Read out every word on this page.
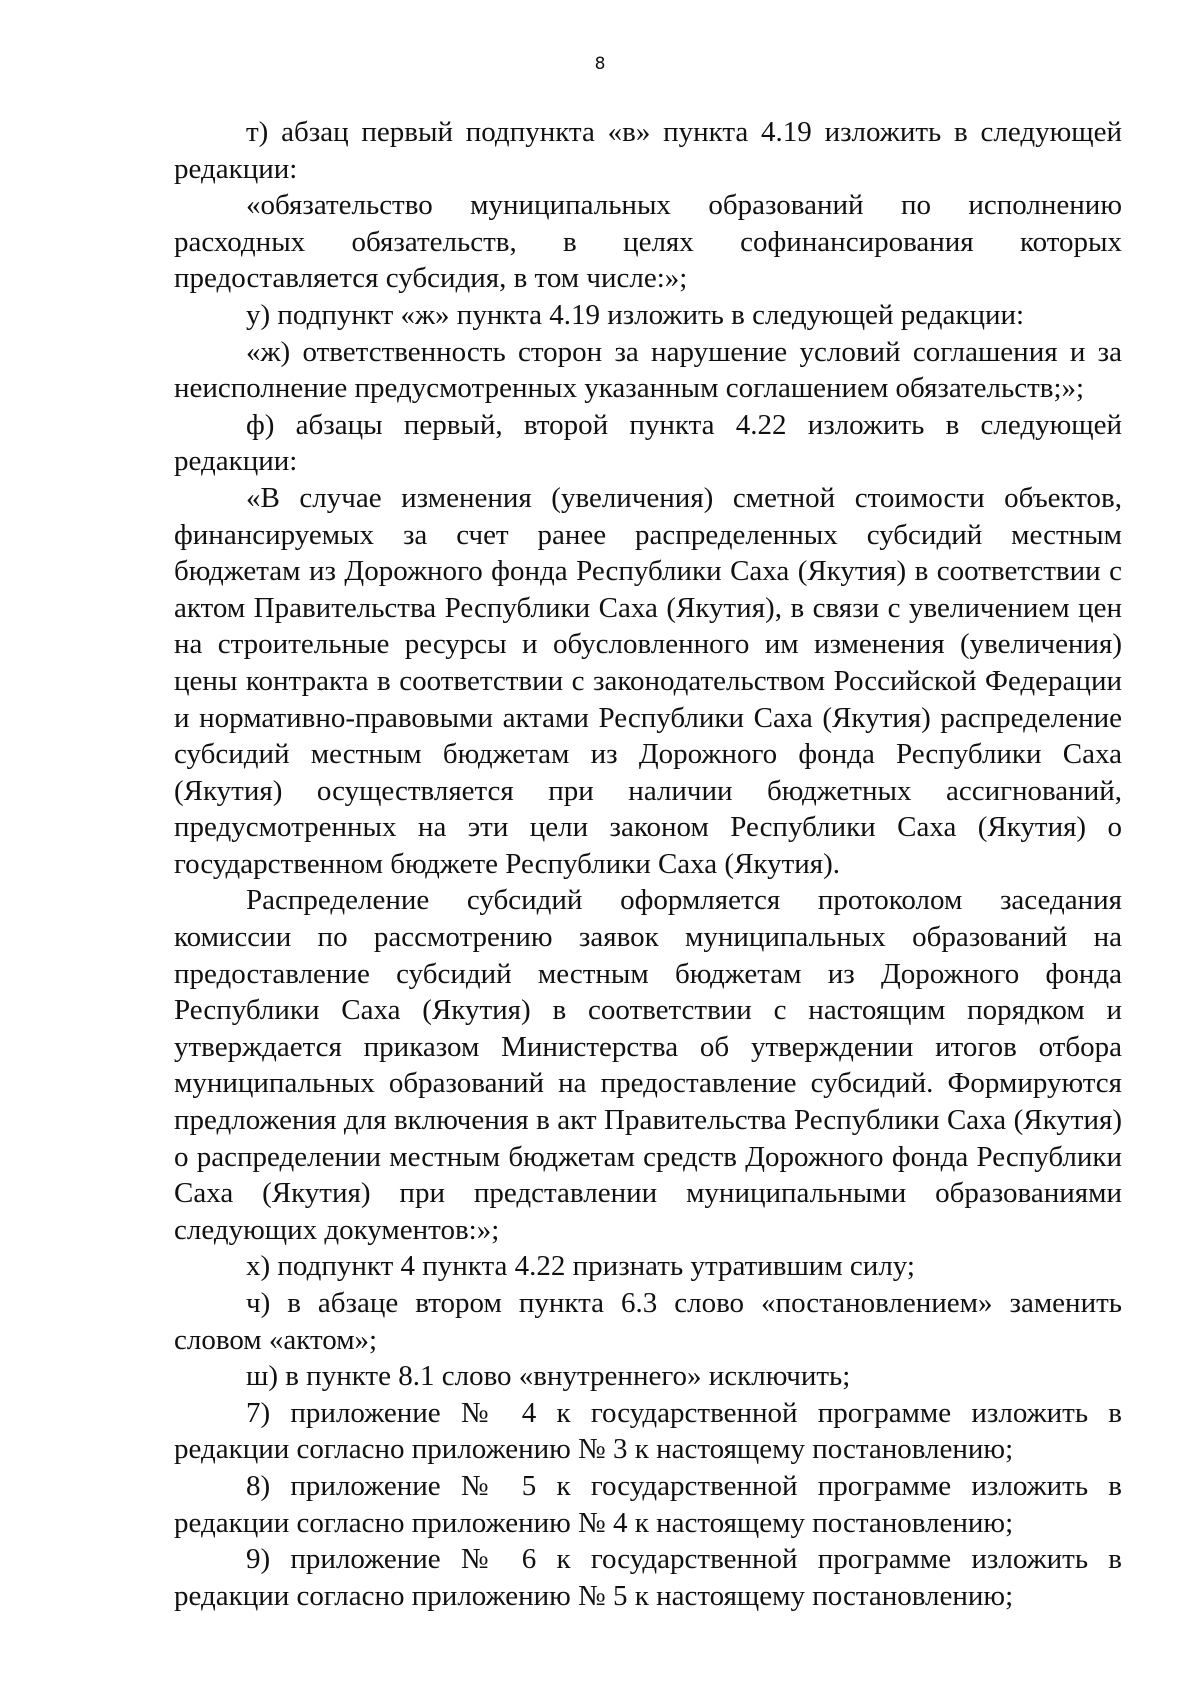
8

т) абзац первый подпункта «в» пункта 4.19 изложить в следующей редакции:

«обязательство муниципальных образований по исполнению расходных обязательств, в целях софинансирования которых предоставляется субсидия, в том числе:»;

у) подпункт «ж» пункта 4.19 изложить в следующей редакции:

«ж) ответственность сторон за нарушение условий соглашения и за неисполнение предусмотренных указанным соглашением обязательств;»;

ф) абзацы первый, второй пункта 4.22 изложить в следующей редакции:

«В случае изменения (увеличения) сметной стоимости объектов, финансируемых за счет ранее распределенных субсидий местным бюджетам из Дорожного фонда Республики Саха (Якутия) в соответствии с актом Правительства Республики Саха (Якутия), в связи с увеличением цен на строительные ресурсы и обусловленного им изменения (увеличения) цены контракта в соответствии с законодательством Российской Федерации и нормативно-правовыми актами Республики Саха (Якутия) распределение субсидий местным бюджетам из Дорожного фонда Республики Саха (Якутия) осуществляется при наличии бюджетных ассигнований, предусмотренных на эти цели законом Республики Саха (Якутия) о государственном бюджете Республики Саха (Якутия).

Распределение субсидий оформляется протоколом заседания комиссии по рассмотрению заявок муниципальных образований на предоставление субсидий местным бюджетам из Дорожного фонда Республики Саха (Якутия) в соответствии с настоящим порядком и утверждается приказом Министерства об утверждении итогов отбора муниципальных образований на предоставление субсидий. Формируются предложения для включения в акт Правительства Республики Саха (Якутия) о распределении местным бюджетам средств Дорожного фонда Республики Саха (Якутия) при представлении муниципальными образованиями следующих документов:»;

х) подпункт 4 пункта 4.22 признать утратившим силу;

ч) в абзаце втором пункта 6.3 слово «постановлением» заменить словом «актом»;

ш) в пункте 8.1 слово «внутреннего» исключить;

7) приложение № 4 к государственной программе изложить в редакции согласно приложению № 3 к настоящему постановлению;

8) приложение № 5 к государственной программе изложить в редакции согласно приложению № 4 к настоящему постановлению;

9) приложение № 6 к государственной программе изложить в редакции согласно приложению № 5 к настоящему постановлению;
